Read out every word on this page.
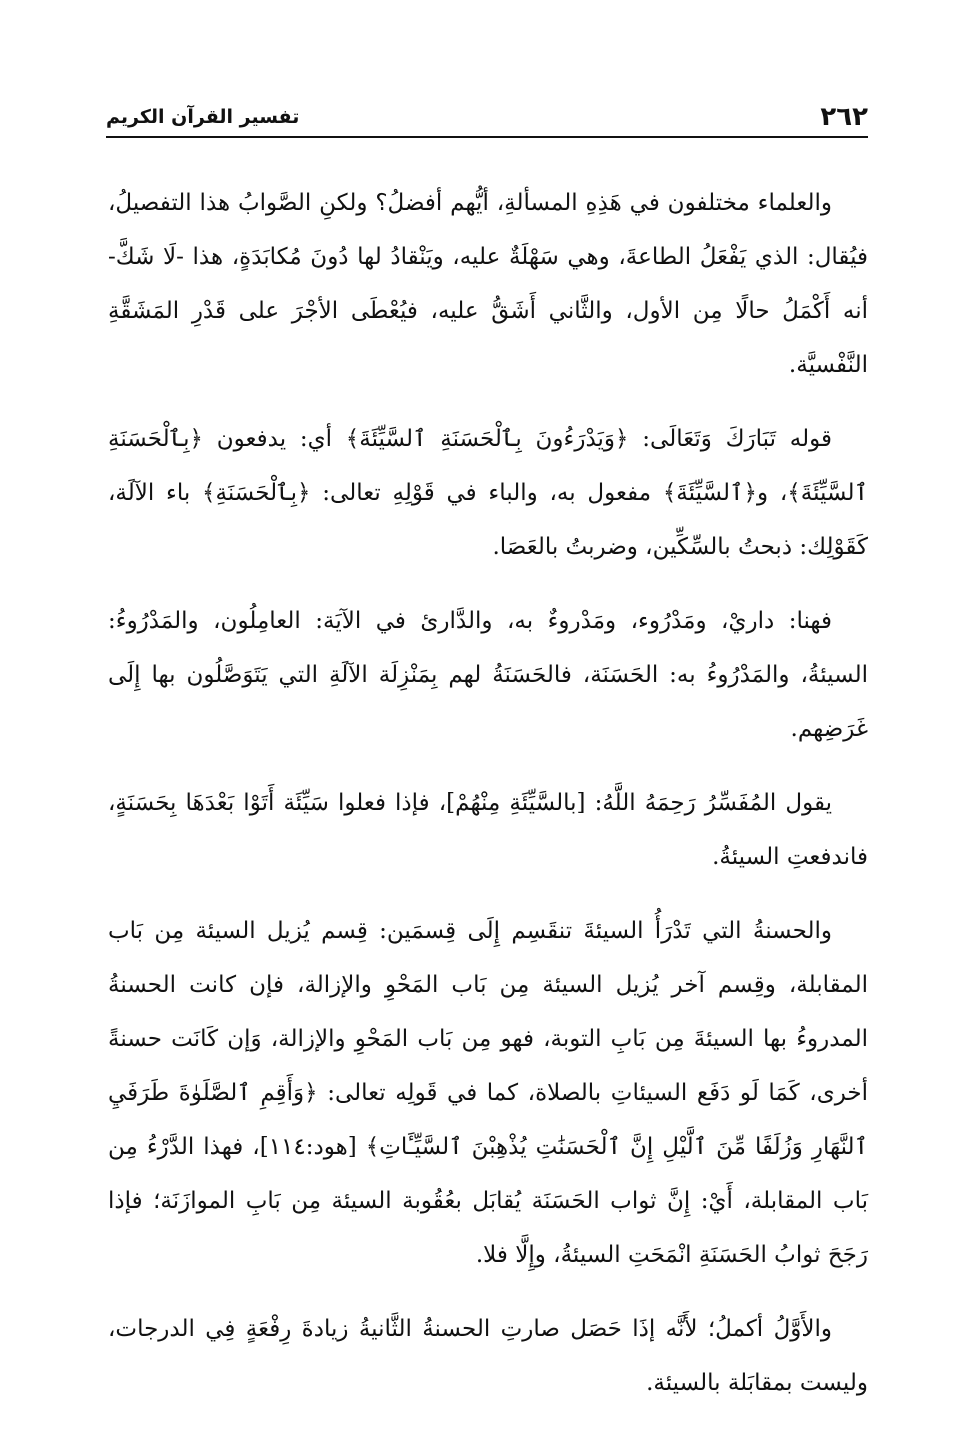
٢٦٢
تفسير القرآن الكريم

والعلماء مختلفون في هَذِهِ المسألةِ، أيُّهم أفضلُ؟ ولكنِ الصَّوابُ هذا التفصيلُ، فيُقال: الذي يَفْعَلُ الطاعةَ، وهي سَهْلَةٌ عليه، ويَنْقادُ لها دُونَ مُكابَدَةٍ، هذا -لَا شَكَّ- أنه أَكْمَلُ حالًا مِن الأول، والثَّاني أَشَقُّ عليه، فيُعْطَى الأجْرَ على قَدْرِ المَشَقَّةِ النَّفْسيَّة.

قوله تَبَارَكَ وَتَعَالَى: ﴿وَيَدْرَءُونَ بِٱلْحَسَنَةِ ٱلسَّيِّئَةَ﴾ أي: يدفعون ﴿بِٱلْحَسَنَةِ ٱلسَّيِّئَةَ﴾، و﴿ٱلسَّيِّئَةَ﴾ مفعول به، والباء في قَوْلِهِ تعالى: ﴿بِٱلْحَسَنَةِ﴾ باء الآلَة، كَقَوْلِك: ذبحتُ بالسِّكِّين، وضربتُ بالعَصَا.

فهنا: داريْ، ومَدْرُوء، ومَدْروءٌ به، والدَّارئ في الآيَة: العامِلُون، والمَدْرُوءُ: السيئةُ، والمَدْرُوءُ به: الحَسَنَة، فالحَسَنَةُ لهم بِمَنْزِلَة الآلَةِ التي يَتَوَصَّلُون بها إِلَى غَرَضِهم.

يقول المُفَسِّرُ رَحِمَهُ اللَّهُ: [بالسَّيِّئَةِ مِنْهُمْ]، فإذا فعلوا سَيِّئَة أَتَوْا بَعْدَهَا بِحَسَنَةٍ، فاندفعتِ السيئةُ.

والحسنةُ التي تَدْرَأُ السيئةَ تنقَسِم إِلَى قِسمَين: قِسم يُزيل السيئة مِن بَاب المقابلة، وقِسم آخر يُزيل السيئة مِن بَاب المَحْوِ والإزالة، فإن كانت الحسنةُ المدروءُ بها السيئةَ مِن بَابِ التوبة، فهو مِن بَاب المَحْوِ والإزالة، وَإن كَانَت حسنةً أخرى، كَمَا لَو دَفَع السيئاتِ بالصلاة، كما في قَولِه تعالى: ﴿وَأَقِمِ ٱلصَّلَوٰةَ طَرَفَيِ ٱلنَّهَارِ وَزُلَفًا مِّنَ ٱلَّيْلِ إِنَّ ٱلْحَسَنَٰتِ يُذْهِبْنَ ٱلسَّيِّـَٔاتِ﴾ [هود:١١٤]، فهذا الدَّرْءُ مِن بَاب المقابلة، أَيْ: إِنَّ ثواب الحَسَنَة يُقابَل بعُقُوبة السيئة مِن بَابِ الموازَنَة؛ فإذا رَجَحَ ثوابُ الحَسَنَةِ انْمَحَتِ السيئةُ، وإِلَّا فلا.

والأَوَّلُ أكملُ؛ لأَنَّه إذَا حَصَل صارتِ الحسنةُ الثَّانيةُ زيادةَ رِفْعَةٍ فِي الدرجات، وليست بمقابَلة بالسيئة.
